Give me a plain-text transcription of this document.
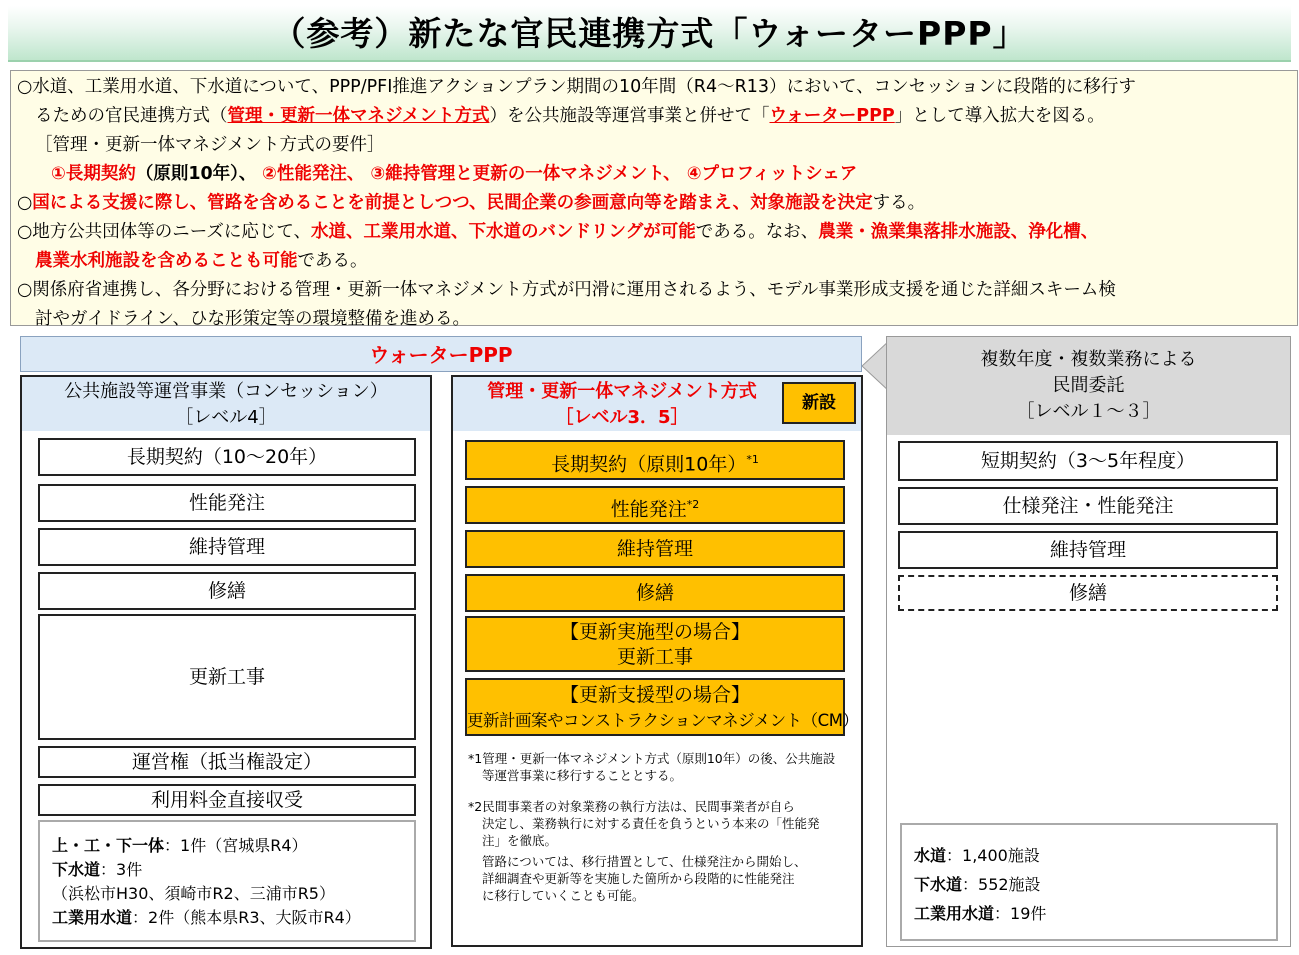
（参考）新たな官民連携方式「ウォーターPPP」
○水道、工業用水道、下水道について、PPP/PFI推進アクションプラン期間の10年間（R4～R13）において、コンセッションに段階的に移行す
るための官民連携方式（管理・更新一体マネジメント方式）を公共施設等運営事業と併せて「ウォーターPPP」として導入拡大を図る。
［管理・更新一体マネジメント方式の要件］
①長期契約（原則10年）、 ②性能発注、 ③維持管理と更新の一体マネジメント、 ④プロフィットシェア
○国による支援に際し、管路を含めることを前提としつつ、民間企業の参画意向等を踏まえ、対象施設を決定する。
○地方公共団体等のニーズに応じて、水道、工業用水道、下水道のバンドリングが可能である。なお、農業・漁業集落排水施設、浄化槽、
農業水利施設を含めることも可能である。
○関係府省連携し、各分野における管理・更新一体マネジメント方式が円滑に運用されるよう、モデル事業形成支援を通じた詳細スキーム検
討やガイドライン、ひな形策定等の環境整備を進める。
ウォーターPPP
公共施設等運営事業（コンセッション）
［レベル4］
長期契約（10～20年）
性能発注
維持管理
修繕
更新工事
運営権（抵当権設定）
利用料金直接収受
上・工・下一体：1件（宮城県R4）
下水道：3件
（浜松市H30、須崎市R2、三浦市R5）
工業用水道：2件（熊本県R3、大阪市R4）
管理・更新一体マネジメント方式
［レベル3．5］
新設
長期契約（原則10年）$^{*1}$
性能発注$^{*2}$
維持管理
修繕
【更新実施型の場合】
更新工事
【更新支援型の場合】
更新計画案やコンストラクションマネジメント（CM）
*1管理・更新一体マネジメント方式（原則10年）の後、公共施設
等運営事業に移行することとする。
*2民間事業者の対象業務の執行方法は、民間事業者が自ら
決定し、業務執行に対する責任を負うという本来の「性能発
注」を徹底。
管路については、移行措置として、仕様発注から開始し、
詳細調査や更新等を実施した箇所から段階的に性能発注
に移行していくことも可能。
複数年度・複数業務による
民間委託
［レベル１～３］
短期契約（3～5年程度）
仕様発注・性能発注
維持管理
修繕
水道：1,400施設
下水道：552施設
工業用水道：19件
